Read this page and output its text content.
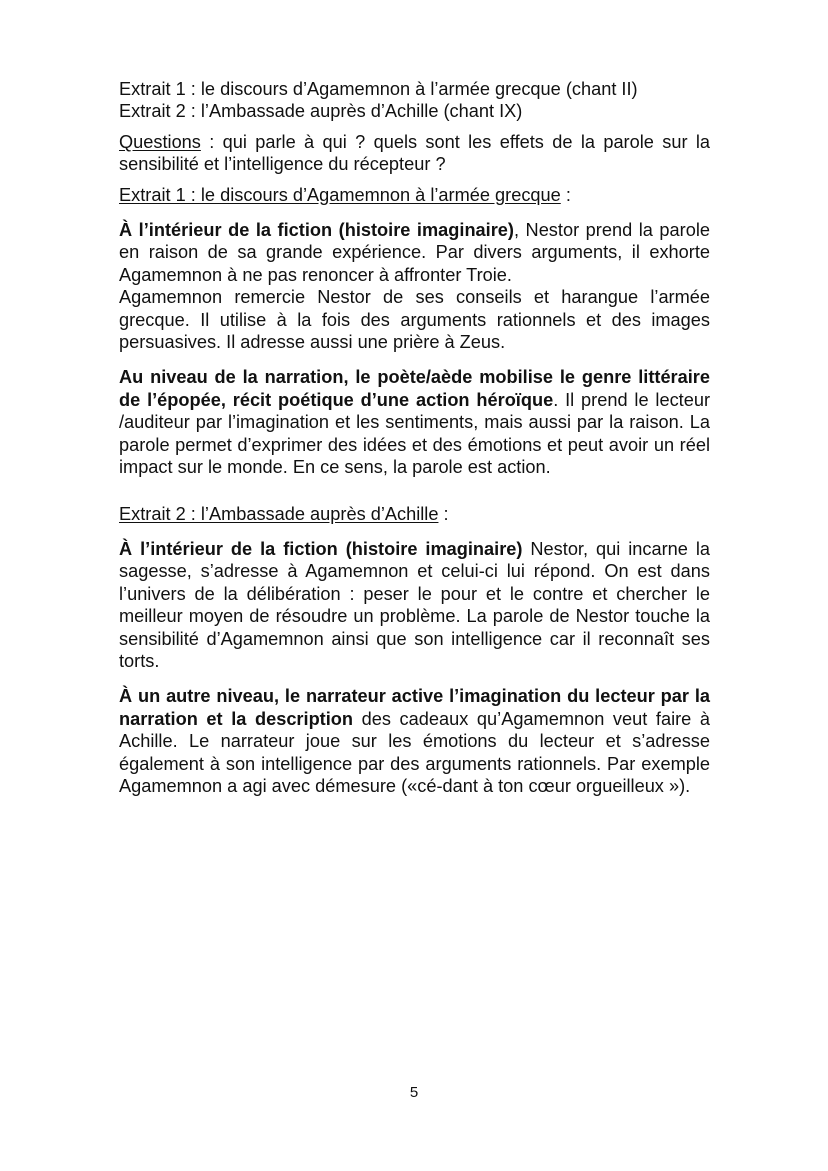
Extrait 1 : le discours d’Agamemnon à l’armée grecque (chant II)
Extrait 2 : l’Ambassade auprès d’Achille (chant IX)

Questions : qui parle à qui ? quels sont les effets de la parole sur la sensibilité et l’intelligence du récepteur ?

Extrait 1 : le discours d’Agamemnon à l’armée grecque :

À l’intérieur de la fiction (histoire imaginaire), Nestor prend la parole en raison de sa grande expérience. Par divers arguments, il exhorte Agamemnon à ne pas renoncer à affronter Troie.

Agamemnon remercie Nestor de ses conseils et harangue l’armée grecque. Il utilise à la fois des arguments rationnels et des images persuasives. Il adresse aussi une prière à Zeus.

Au niveau de la narration, le poète/aède mobilise le genre littéraire de l’épopée, récit poétique d’une action héroïque. Il prend le lecteur /auditeur par l’imagination et les sentiments, mais aussi par la raison. La parole permet d’exprimer des idées et des émotions et peut avoir un réel impact sur le monde. En ce sens, la parole est action.

Extrait 2 : l’Ambassade auprès d’Achille :

À l’intérieur de la fiction (histoire imaginaire) Nestor, qui incarne la sagesse, s’adresse à Agamemnon et celui-ci lui répond. On est dans l’univers de la délibération : peser le pour et le contre et chercher le meilleur moyen de résoudre un problème. La parole de Nestor touche la sensibilité d’Agamemnon ainsi que son intelligence car il reconnaît ses torts.

À un autre niveau, le narrateur active l’imagination du lecteur par la narration et la description des cadeaux qu’Agamemnon veut faire à Achille. Le narrateur joue sur les émotions du lecteur et s’adresse également à son intelligence par des arguments rationnels. Par exemple Agamemnon a agi avec démesure («cé-dant à ton cœur orgueilleux »).

5
